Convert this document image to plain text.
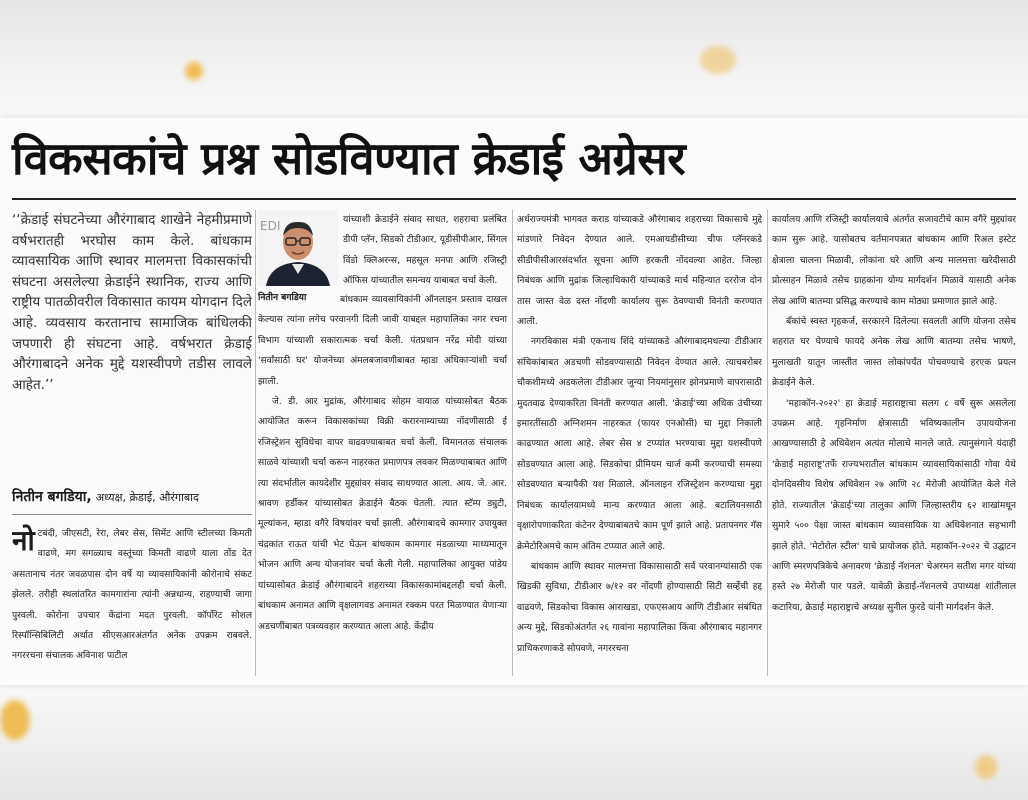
विकसकांचे प्रश्न सोडविण्यात क्रेडाई अग्रेसर
‘‘क्रेडाई संघटनेच्या औरंगाबाद शाखेने नेहमीप्रमाणे वर्षभरातही भरघोस काम केले. बांधकाम व्यावसायिक आणि स्थावर मालमत्ता विकासकांची संघटना असलेल्या क्रेडाईने स्थानिक, राज्य आणि राष्ट्रीय पातळीवरील विकासात कायम योगदान दिले आहे. व्यवसाय करतानाच सामाजिक बांधिलकी जपणारी ही संघटना आहे. वर्षभरात क्रेडाई औरंगाबादने अनेक मुद्दे यशस्वीपणे तडीस लावले आहेत.’’
नितीन बगडिया, अध्यक्ष, क्रेडाई, औरंगाबाद

नोटबंदी, जीएसटी, रेरा, लेबर सेस, सिमेंट आणि स्टीलच्या किमती वाढणे, मग सगळ्याच वस्तूंच्या किमती वाढणे याला तोंड देत असतानाच नंतर जवळपास दोन वर्षे या व्यावसायिकांनी कोरोनाचे संकट झेलले. तरीही स्थलांतरित कामगारांना त्यांनी अन्नधान्य, राहण्याची जागा पुरवली. कोरोना उपचार केंद्रांना मदत पुरवली. कॉर्पोरेट सोशल रिस्पॉन्सिबिलिटी अर्थात सीएसआरअंतर्गत अनेक उपक्रम राबवले. नगररचना संचालक अविनाश पाटील

EDI	यांच्याशी क्रेडाईने संवाद साधत, शहराचा प्रलंबित डीपी प्लॅन, सिडको टीडीआर, यूडीसीपीआर, सिंगल विंडो क्लिअरन्स, महसूल मनपा आणि रजिस्ट्री ऑफिस यांच्यातील समन्वय याबाबत चर्चा केली.

नितीन बगडिया	बांधकाम व्यावसायिकांनी ऑनलाइन प्रस्ताव दाखल केल्यास त्यांना लगेच परवानगी दिली जावी याबद्दल महापालिका नगर रचना विभाग यांच्याशी सकारात्मक चर्चा केली. पंतप्रधान नरेंद्र मोदी यांच्या 'सर्वांसाठी घर' योजनेच्या अंमलबजावणीबाबत म्हाडा अधिकाऱ्यांशी चर्चा झाली.

जे. डी. आर मुद्रांक, औरंगाबाद सोहम वायाळ यांच्यासोबत बैठक आयोजित करून विकासकांच्या विक्री करारनाम्याच्या नोंदणीसाठी ई रजिस्ट्रेशन सुविधेचा वापर वाढवण्याबाबत चर्चा केली. विमानतळ संचालक साळवे यांच्याशी चर्चा करून नाहरकत प्रमाणपत्र लवकर मिळण्याबाबत आणि त्या संदर्भातील कायदेशीर मुद्द्यांवर संवाद साधण्यात आला. आय. जे. आर. श्रावण हर्डीकर यांच्यासोबत क्रेडाईने बैठक घेतली. त्यात स्टॅम्प ड्युटी, मूल्यांकन, म्हाडा वगैरे विषयांवर चर्चा झाली. औरंगाबादचे कामगार उपायुक्त चंद्रकांत राऊत यांची भेट घेऊन बांधकाम कामगार मंडळाच्या माध्यमातून भोजन आणि अन्य योजनांवर चर्चा केली गेली. महापालिका आयुक्त पांडेय यांच्यासोबत क्रेडाई औरंगाबादने शहराच्या विकासकामांबद्दलही चर्चा केली. बांधकाम अनामत आणि वृक्षलागवड अनामत रक्कम परत मिळण्यात येणाऱ्या अडचणींबाबत पत्रव्यवहार करण्यात आला आहे. केंद्रीय

अर्थराज्यमंत्री भागवत कराड यांच्याकडे औरंगाबाद शहराच्या विकासाचे मुद्दे मांडणारे निवेदन देण्यात आले. एमआयडीसीच्या चीफ प्लॅनरकडे सीडीपीसीआरसंदर्भात सूचना आणि हरकती नोंदवल्या आहेत. जिल्हा निबंधक आणि मुद्रांक जिल्हाधिकारी यांच्याकडे मार्च महिन्यात दररोज दोन तास जास्त वेळ दस्त नोंदणी कार्यालय सुरू ठेवण्याची विनंती करण्यात आली.

नगरविकास मंत्री एकनाथ शिंदे यांच्याकडे औरंगाबादमधल्या टीडीआर संचिकांबाबत अडचणी सोडवण्यासाठी निवेदन देण्यात आले. त्याचबरोबर चौकशीमध्ये अडकलेला टीडीआर जुन्या नियमांनुसार झोनप्रमाणे वापरासाठी मुदतवाढ देण्याकरिता विनंती करण्यात आली. 'क्रेडाई'च्या अधिक उंचीच्या इमारतींसाठी अग्निशमन नाहरकत (फायर एनओसी) चा मुद्दा निकाली काढण्यात आला आहे. लेबर सेस ४ टप्प्यांत भरण्याचा मुद्दा यशस्वीपणे सोडवण्यात आला आहे. सिडकोचा प्रीमियम चार्ज कमी करण्याची समस्या सोडवण्यात बऱ्यापैकी यश मिळाले. ऑनलाइन रजिस्ट्रेशन करण्याचा मुद्दा निबंधक कार्यालयामध्ये मान्य करण्यात आला आहे. बटालियनसाठी वृक्षारोपणाकरिता कंटेनर देण्याबाबतचे काम पूर्ण झाले आहे. प्रतापनगर गॅस क्रेमेटोरिअमचे काम अंतिम टप्प्यात आले आहे.

बांधकाम आणि स्थावर मालमत्ता विकासासाठी सर्व परवानग्यांसाठी एक खिडकी सुविधा, टीडीआर ७/१२ वर नोंदणी होण्यासाठी सिटी सर्व्हेची हद्द वाढवणे, सिडकोचा विकास आराखडा, एफएसआय आणि टीडीआर संबंधित अन्य मुद्दे, सिडकोअंतर्गत २६ गावांना महापालिका किंवा औरंगाबाद महानगर प्राधिकरणाकडे सोपवणे, नगररचना

कार्यालय आणि रजिस्ट्री कार्यालयाचे अंतर्गत सजावटीचे काम वगैरे मुद्द्यांवर काम सुरू आहे. यासोबतच वर्तमानपत्रात बांधकाम आणि रिअल इस्टेट क्षेत्राला चालना मिळावी, लोकांना घरे आणि अन्य मालमत्ता खरेदीसाठी प्रोत्साहन मिळावे तसेच ग्राहकांना योग्य मार्गदर्शन मिळावे यासाठी अनेक लेख आणि बातम्या प्रसिद्ध करण्याचे काम मोठ्या प्रमाणात झाले आहे.

बँकांचे स्वस्त गृहकर्ज, सरकारने दिलेल्या सवलती आणि योजना तसेच शहरात घर घेण्याचे फायदे अनेक लेख आणि बातम्या तसेच भाषणे, मुलाखती यातून जास्तीत जास्त लोकांपर्यंत पोचवण्याचे हरएक प्रयत्न क्रेडाईने केले.

'महाकॉन-२०२२' हा क्रेडाई महाराष्ट्राचा सलग ८ वर्षे सुरू असलेला उपक्रम आहे. गृहनिर्माण क्षेत्रासाठी भविष्यकालीन उपाययोजना आखण्यासाठी हे अधिवेशन अत्यंत मोलाचे मानले जाते. त्यानुसंगाने यंदाही 'क्रेडाई महाराष्ट्र'तर्फे राज्यभरातील बांधकाम व्यावसायिकांसाठी गोवा येथे दोनदिवसीय विशेष अधिवेशन २७ आणि २८ मेरोजी आयोजित केले गेले होते. राज्यातील 'क्रेडाई'च्या तालुका आणि जिल्हास्तरीय ६२ शाखांमधून सुमारे ५०० पेक्षा जास्त बांधकाम व्यावसायिक या अधिवेशनात सहभागी झाले होते. 'मेटोरोल स्टील' याचे प्रायोजक होते. महाकॉन-२०२२ चे उद्घाटन आणि स्मरणपत्रिकेचे अनावरण 'क्रेडाई नॅशनल' चेअरमन सतीश मगर यांच्या हस्ते २७ मेरोजी पार पडले. यावेळी क्रेडाई-नॅशनलचे उपाध्यक्ष शांतीलाल कटारिया, क्रेडाई महाराष्ट्राचे अध्यक्ष सुनील फुरडे यांनी मार्गदर्शन केले.
